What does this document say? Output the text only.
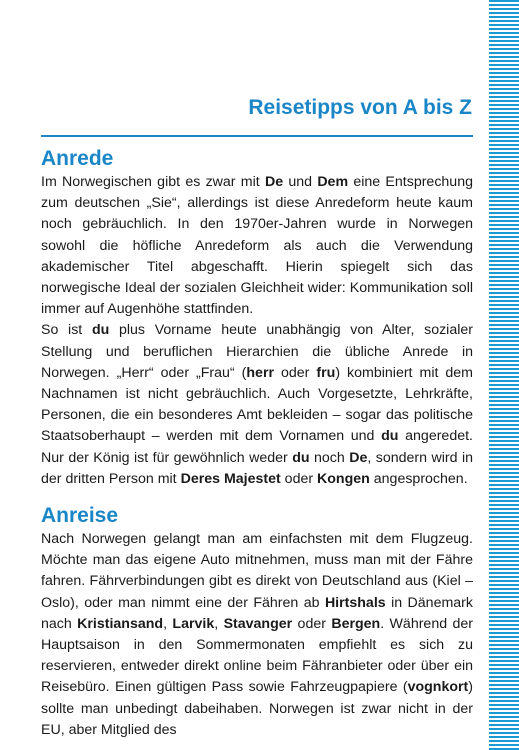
Reisetipps von A bis Z
Anrede

Im Norwegischen gibt es zwar mit De und Dem eine Entsprechung zum deutschen „Sie“, allerdings ist diese Anredeform heute kaum noch gebräuchlich. In den 1970er-Jahren wurde in Norwegen sowohl die höfliche Anredeform als auch die Verwendung akademischer Titel abgeschafft. Hierin spiegelt sich das norwegische Ideal der sozialen Gleichheit wider: Kommunikation soll immer auf Augenhöhe stattfinden.

So ist du plus Vorname heute unabhängig von Alter, sozialer Stellung und beruflichen Hierarchien die übliche Anrede in Norwegen. „Herr“ oder „Frau“ (herr oder fru) kombiniert mit dem Nachnamen ist nicht gebräuchlich. Auch Vorgesetzte, Lehrkräfte, Personen, die ein besonderes Amt bekleiden – sogar das politische Staatsoberhaupt – werden mit dem Vornamen und du angeredet. Nur der König ist für gewöhnlich weder du noch De, sondern wird in der dritten Person mit Deres Majestet oder Kongen angesprochen.

Anreise

Nach Norwegen gelangt man am einfachsten mit dem Flugzeug. Möchte man das eigene Auto mitnehmen, muss man mit der Fähre fahren. Fährverbindungen gibt es direkt von Deutschland aus (Kiel – Oslo), oder man nimmt eine der Fähren ab Hirtshals in Dänemark nach Kristiansand, Larvik, Stavanger oder Bergen. Während der Hauptsaison in den Sommermonaten empfiehlt es sich zu reservieren, entweder direkt online beim Fähranbieter oder über ein Reisebüro. Einen gültigen Pass sowie Fahrzeugpapiere (vognkort) sollte man unbedingt dabeihaben. Norwegen ist zwar nicht in der EU, aber Mitglied des
